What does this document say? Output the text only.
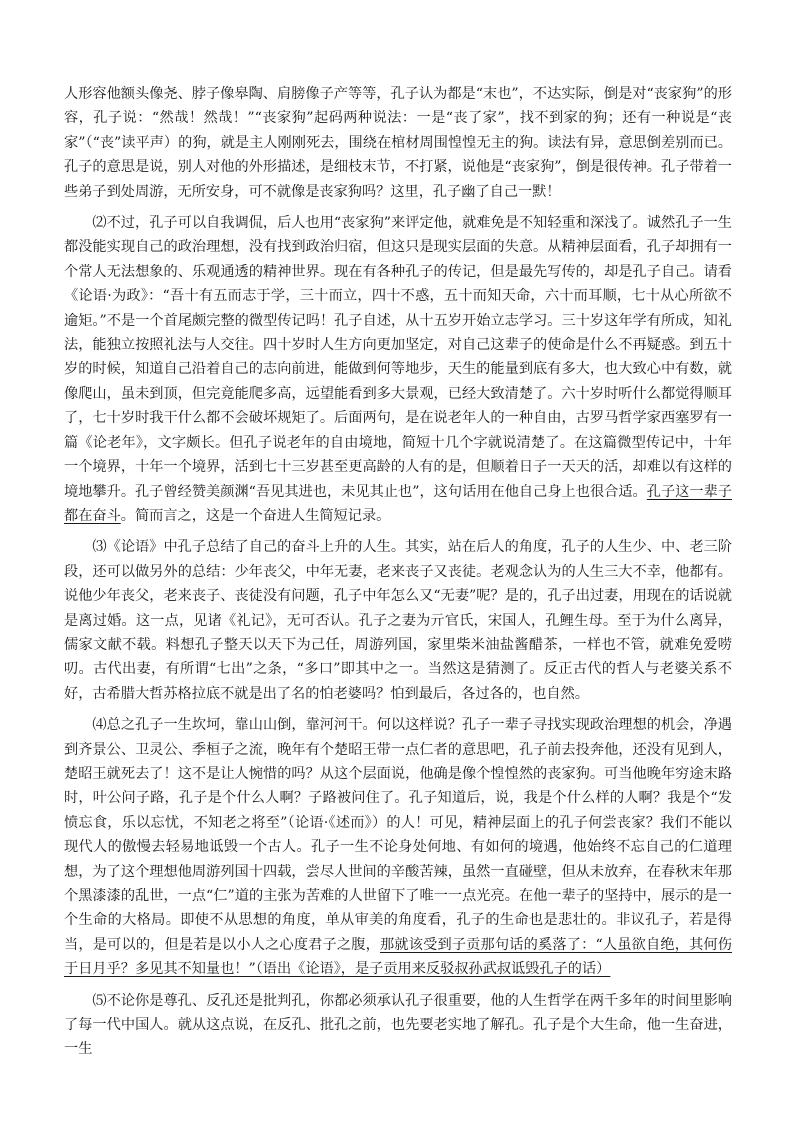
人形容他额头像尧、脖子像皋陶、肩膀像子产等等，孔子认为都是“末也”，不达实际，倒是对“丧家狗”的形容，孔子说：“然哉！然哉！”“丧家狗”起码两种说法：一是“丧了家”，找不到家的狗；还有一种说是“丧家”（“丧”读平声）的狗，就是主人刚刚死去，围绕在棺材周围惶惶无主的狗。读法有异，意思倒差别而已。孔子的意思是说，别人对他的外形描述，是细枝末节，不打紧，说他是“丧家狗”，倒是很传神。孔子带着一些弟子到处周游，无所安身，可不就像是丧家狗吗？这里，孔子幽了自己一默！

⑵不过，孔子可以自我调侃，后人也用“丧家狗”来评定他，就难免是不知轻重和深浅了。诚然孔子一生都没能实现自己的政治理想，没有找到政治归宿，但这只是现实层面的失意。从精神层面看，孔子却拥有一个常人无法想象的、乐观通透的精神世界。现在有各种孔子的传记，但是最先写传的，却是孔子自己。请看《论语·为政》：“吾十有五而志于学，三十而立，四十不惑，五十而知天命，六十而耳顺，七十从心所欲不逾矩。”不是一个首尾颇完整的微型传记吗！孔子自述，从十五岁开始立志学习。三十岁这年学有所成，知礼法，能独立按照礼法与人交往。四十岁时人生方向更加坚定，对自己这辈子的使命是什么不再疑惑。到五十岁的时候，知道自己沿着自己的志向前进，能做到何等地步，天生的能量到底有多大，也大致心中有数，就像爬山，虽未到顶，但完竟能爬多高，远望能看到多大景观，已经大致清楚了。六十岁时听什么都觉得顺耳了，七十岁时我干什么都不会破坏规矩了。后面两句，是在说老年人的一种自由，古罗马哲学家西塞罗有一篇《论老年》，文字颇长。但孔子说老年的自由境地，简短十几个字就说清楚了。在这篇微型传记中，十年一个境界，十年一个境界，活到七十三岁甚至更高龄的人有的是，但顺着日子一天天的活，却难以有这样的境地攀升。孔子曾经赞美颜渊“吾见其进也，未见其止也”，这句话用在他自己身上也很合适。孔子这一辈子都在奋斗。简而言之，这是一个奋进人生简短记录。

⑶《论语》中孔子总结了自己的奋斗上升的人生。其实，站在后人的角度，孔子的人生少、中、老三阶段，还可以做另外的总结：少年丧父，中年无妻，老来丧子又丧徒。老观念认为的人生三大不幸，他都有。说他少年丧父，老来丧子、丧徒没有问题，孔子中年怎么又“无妻”呢？是的，孔子出过妻，用现在的话说就是离过婚。这一点，见诸《礼记》，无可否认。孔子之妻为亓官氏，宋国人，孔鲤生母。至于为什么离异，儒家文献不载。料想孔子整天以天下为己任，周游列国，家里柴米油盐酱醋茶，一样也不管，就难免爱唠叨。古代出妻，有所谓“七出”之条，“多口”即其中之一。当然这是猜测了。反正古代的哲人与老婆关系不好，古希腊大哲苏格拉底不就是出了名的怕老婆吗？怕到最后，各过各的，也自然。

⑷总之孔子一生坎坷，靠山山倒，靠河河干。何以这样说？孔子一辈子寻找实现政治理想的机会，净遇到齐景公、卫灵公、季桓子之流，晚年有个楚昭王带一点仁者的意思吧，孔子前去投奔他，还没有见到人，楚昭王就死去了！这不是让人惋惜的吗？从这个层面说，他确是像个惶惶然的丧家狗。可当他晚年穷途末路时，叶公问子路，孔子是个什么人啊？子路被问住了。孔子知道后，说，我是个什么样的人啊？我是个“发愤忘食，乐以忘忧，不知老之将至”（论语·《述而》）的人！可见，精神层面上的孔子何尝丧家？我们不能以现代人的傲慢去轻易地诋毁一个古人。孔子一生不论身处何地、有如何的境遇，他始终不忘自己的仁道理想，为了这个理想他周游列国十四载，尝尽人世间的辛酸苦辣，虽然一直碰壁，但从未放弃，在春秋末年那个黑漆漆的乱世，一点“仁”道的主张为苦难的人世留下了唯一一点光亮。在他一辈子的坚持中，展示的是一个生命的大格局。即使不从思想的角度，单从审美的角度看，孔子的生命也是悲壮的。非议孔子，若是得当，是可以的，但是若是以小人之心度君子之腹，那就该受到子贡那句话的奚落了：“人虽欲自绝，其何伤于日月乎？多见其不知量也！”（语出《论语》，是子贡用来反驳叔孙武叔诋毁孔子的话）

⑸不论你是尊孔、反孔还是批判孔，你都必须承认孔子很重要，他的人生哲学在两千多年的时间里影响了每一代中国人。就从这点说，在反孔、批孔之前，也先要老实地了解孔。孔子是个大生命，他一生奋进，一生
